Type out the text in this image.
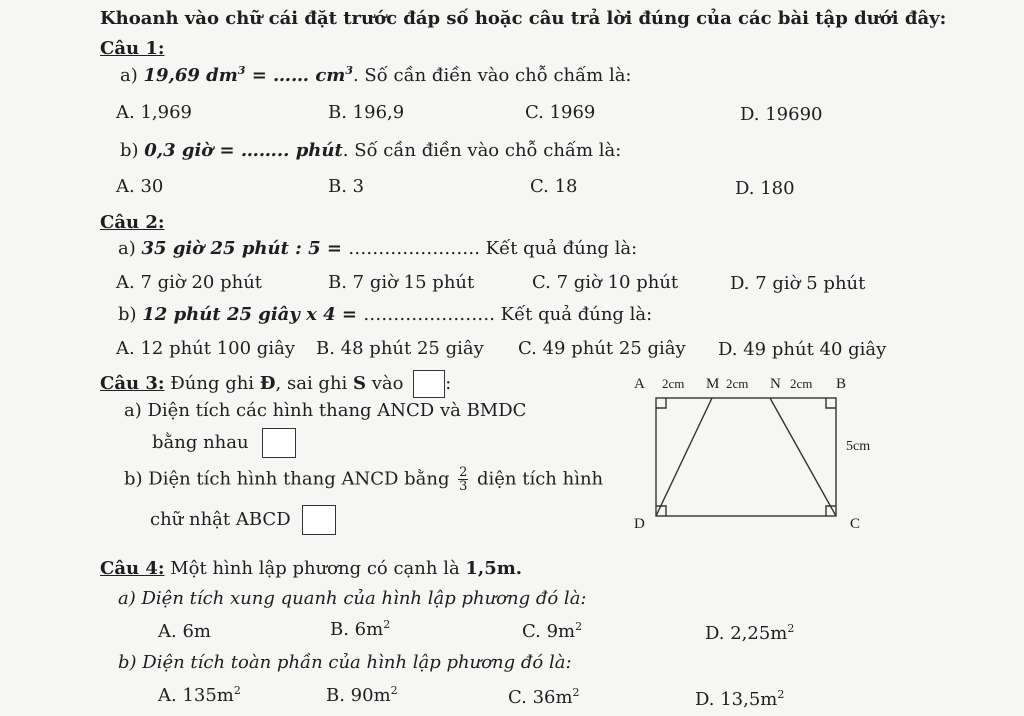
Khoanh vào chữ cái đặt trước đáp số hoặc câu trả lời đúng của các bài tập dưới đây:
Câu 1:
a) 19,69 $dm^3$ = …… $cm^3$. Số cần điền vào chỗ chấm là:
A. 1,969	B. 196,9	C. 1969	D. 19690
b) 0,3 giờ = …….. phút. Số cần điền vào chỗ chấm là:
A. 30	B. 3	C. 18	D. 180
Câu 2:
a) 35 giờ 25 phút : 5 = …………………. Kết quả đúng là:
A. 7 giờ 20 phút	B. 7 giờ 15 phút	C. 7 giờ 10 phút	D. 7 giờ 5 phút
b) 12 phút 25 giây x 4 = …………………. Kết quả đúng là:
A. 12 phút 100 giây B. 48 phút 25 giây C. 49 phút 25 giây D. 49 phút 40 giây
Câu 3: Đúng ghi Đ, sai ghi S vào :
a) Diện tích các hình thang ANCD và BMDC
bằng nhau
b) Diện tích hình thang ANCD bằng $\frac{2}{3}$ diện tích hình
chữ nhật ABCD
A 2cm M 2cm N 2cm B
5cm
D	C
Câu 4: Một hình lập phương có cạnh là 1,5m.
a) Diện tích xung quanh của hình lập phương đó là:
A. 6m	B. $6m^2$	C. $9m^2$	D. $2,25m^2$
b) Diện tích toàn phần của hình lập phương đó là:
A. $135m^2$	B. $90m^2$	C. $36m^2$	D. $13,5m^2$
